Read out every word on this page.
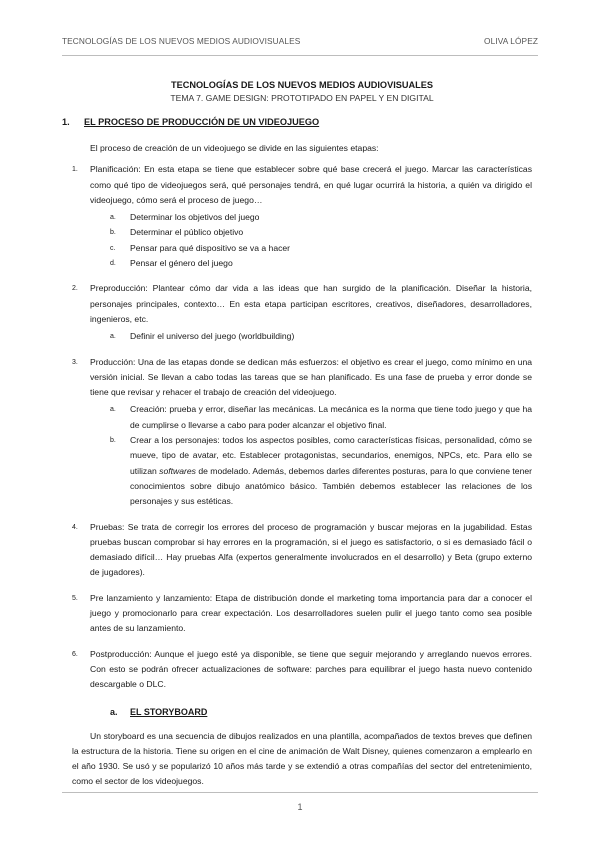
TECNOLOGÍAS DE LOS NUEVOS MEDIOS AUDIOVISUALES	OLIVA LÓPEZ
TECNOLOGÍAS DE LOS NUEVOS MEDIOS AUDIOVISUALES
TEMA 7. GAME DESIGN: PROTOTIPADO EN PAPEL Y EN DIGITAL
1. EL PROCESO DE PRODUCCIÓN DE UN VIDEOJUEGO
El proceso de creación de un videojuego se divide en las siguientes etapas:
1. Planificación: En esta etapa se tiene que establecer sobre qué base crecerá el juego. Marcar las características como qué tipo de videojuegos será, qué personajes tendrá, en qué lugar ocurrirá la historia, a quién va dirigido el videojuego, cómo será el proceso de juego…
a. Determinar los objetivos del juego
b. Determinar el público objetivo
c. Pensar para qué dispositivo se va a hacer
d. Pensar el género del juego
2. Preproducción: Plantear cómo dar vida a las ideas que han surgido de la planificación. Diseñar la historia, personajes principales, contexto… En esta etapa participan escritores, creativos, diseñadores, desarrolladores, ingenieros, etc.
a. Definir el universo del juego (worldbuilding)
3. Producción: Una de las etapas donde se dedican más esfuerzos: el objetivo es crear el juego, como mínimo en una versión inicial. Se llevan a cabo todas las tareas que se han planificado. Es una fase de prueba y error donde se tiene que revisar y rehacer el trabajo de creación del videojuego.
a. Creación: prueba y error, diseñar las mecánicas. La mecánica es la norma que tiene todo juego y que ha de cumplirse o llevarse a cabo para poder alcanzar el objetivo final.
b. Crear a los personajes: todos los aspectos posibles, como características físicas, personalidad, cómo se mueve, tipo de avatar, etc. Establecer protagonistas, secundarios, enemigos, NPCs, etc. Para ello se utilizan softwares de modelado. Además, debemos darles diferentes posturas, para lo que conviene tener conocimientos sobre dibujo anatómico básico. También debemos establecer las relaciones de los personajes y sus estéticas.
4. Pruebas: Se trata de corregir los errores del proceso de programación y buscar mejoras en la jugabilidad. Estas pruebas buscan comprobar si hay errores en la programación, si el juego es satisfactorio, o si es demasiado fácil o demasiado difícil… Hay pruebas Alfa (expertos generalmente involucrados en el desarrollo) y Beta (grupo externo de jugadores).
5. Pre lanzamiento y lanzamiento: Etapa de distribución donde el marketing toma importancia para dar a conocer el juego y promocionarlo para crear expectación. Los desarrolladores suelen pulir el juego tanto como sea posible antes de su lanzamiento.
6. Postproducción: Aunque el juego esté ya disponible, se tiene que seguir mejorando y arreglando nuevos errores. Con esto se podrán ofrecer actualizaciones de software: parches para equilibrar el juego hasta nuevo contenido descargable o DLC.
a. EL STORYBOARD
Un storyboard es una secuencia de dibujos realizados en una plantilla, acompañados de textos breves que definen la estructura de la historia. Tiene su origen en el cine de animación de Walt Disney, quienes comenzaron a emplearlo en el año 1930. Se usó y se popularizó 10 años más tarde y se extendió a otras compañías del sector del entretenimiento, como el sector de los videojuegos.
1
